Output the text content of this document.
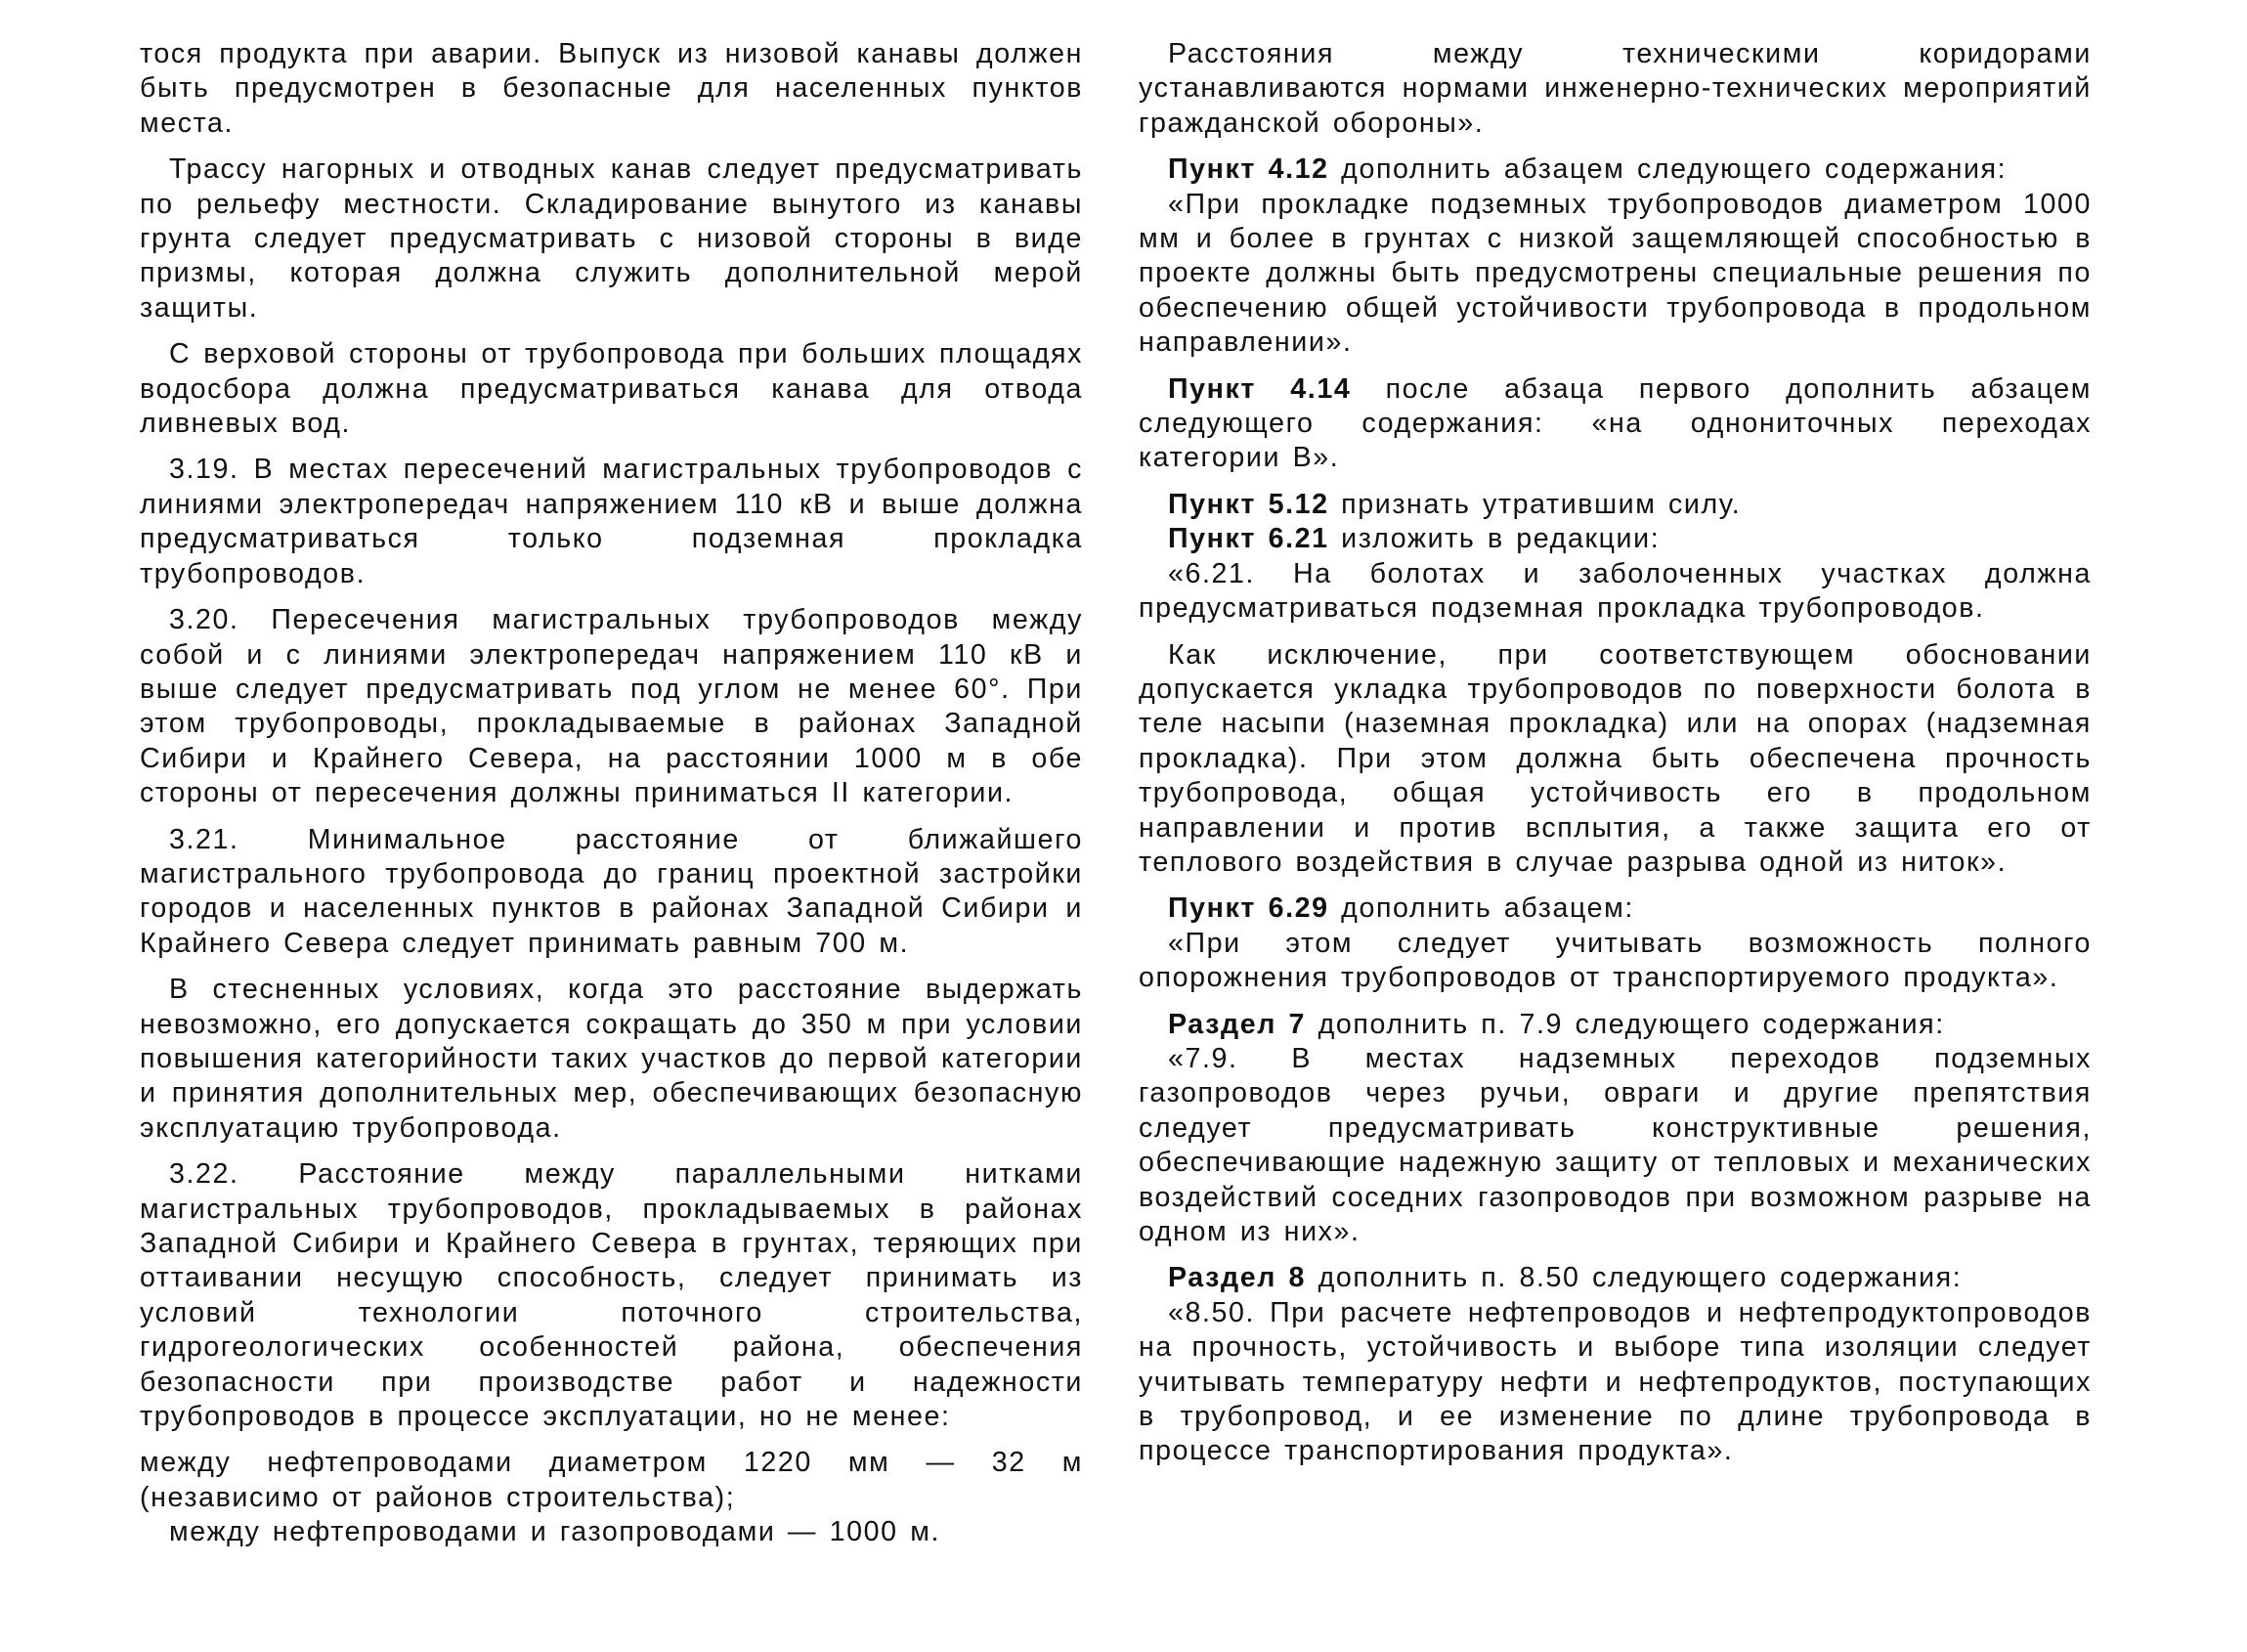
тося продукта при аварии. Выпуск из низовой канавы должен быть предусмотрен в безопасные для населенных пунктов места.

Трассу нагорных и отводных канав следует предусматривать по рельефу местности. Складирование вынутого из канавы грунта следует предусматривать с низовой стороны в виде призмы, которая должна служить дополнительной мерой защиты.

С верховой стороны от трубопровода при больших площадях водосбора должна предусматриваться канава для отвода ливневых вод.

3.19. В местах пересечений магистральных трубопроводов с линиями электропередач напряжением 110 кВ и выше должна предусматриваться только подземная прокладка трубопроводов.

3.20. Пересечения магистральных трубопроводов между собой и с линиями электропередач напряжением 110 кВ и выше следует предусматривать под углом не менее 60°. При этом трубопроводы, прокладываемые в районах Западной Сибири и Крайнего Севера, на расстоянии 1000 м в обе стороны от пересечения должны приниматься II категории.

3.21. Минимальное расстояние от ближайшего магистрального трубопровода до границ проектной застройки городов и населенных пунктов в районах Западной Сибири и Крайнего Севера следует принимать равным 700 м.

В стесненных условиях, когда это расстояние выдержать невозможно, его допускается сокращать до 350 м при условии повышения категорийности таких участков до первой категории и принятия дополнительных мер, обеспечивающих безопасную эксплуатацию трубопровода.

3.22. Расстояние между параллельными нитками магистральных трубопроводов, прокладываемых в районах Западной Сибири и Крайнего Севера в грунтах, теряющих при оттаивании несущую способность, следует принимать из условий технологии поточного строительства, гидрогеологических особенностей района, обеспечения безопасности при производстве работ и надежности трубопроводов в процессе эксплуатации, но не менее:

между нефтепроводами диаметром 1220 мм — 32 м (независимо от районов строительства);

между нефтепроводами и газопроводами — 1000 м.

Расстояния между техническими коридорами устанавливаются нормами инженерно-технических мероприятий гражданской обороны».

Пункт 4.12 дополнить абзацем следующего содержания:

«При прокладке подземных трубопроводов диаметром 1000 мм и более в грунтах с низкой защемляющей способностью в проекте должны быть предусмотрены специальные решения по обеспечению общей устойчивости трубопровода в продольном направлении».

Пункт 4.14 после абзаца первого дополнить абзацем следующего содержания: «на однониточных переходах категории В».

Пункт 5.12 признать утратившим силу.

Пункт 6.21 изложить в редакции:

«6.21. На болотах и заболоченных участках должна предусматриваться подземная прокладка трубопроводов.

Как исключение, при соответствующем обосновании допускается укладка трубопроводов по поверхности болота в теле насыпи (наземная прокладка) или на опорах (надземная прокладка). При этом должна быть обеспечена прочность трубопровода, общая устойчивость его в продольном направлении и против всплытия, а также защита его от теплового воздействия в случае разрыва одной из ниток».

Пункт 6.29 дополнить абзацем:

«При этом следует учитывать возможность полного опорожнения трубопроводов от транспортируемого продукта».

Раздел 7 дополнить п. 7.9 следующего содержания:

«7.9. В местах надземных переходов подземных газопроводов через ручьи, овраги и другие препятствия следует предусматривать конструктивные решения, обеспечивающие надежную защиту от тепловых и механических воздействий соседних газопроводов при возможном разрыве на одном из них».

Раздел 8 дополнить п. 8.50 следующего содержания:

«8.50. При расчете нефтепроводов и нефтепродуктопроводов на прочность, устойчивость и выборе типа изоляции следует учитывать температуру нефти и нефтепродуктов, поступающих в трубопровод, и ее изменение по длине трубопровода в процессе транспортирования продукта».
